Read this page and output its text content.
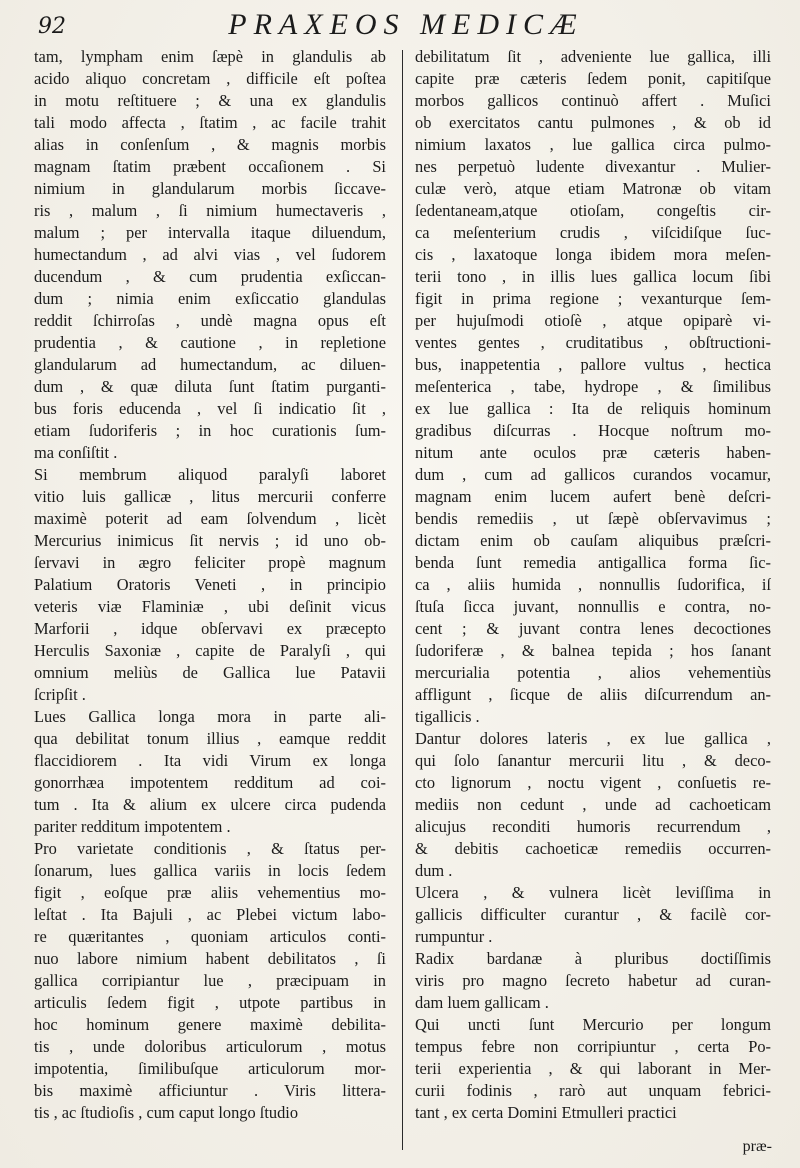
92	PRAXEOS MEDICÆ
tam, lympham enim ſæpè in glandulis ab
acido aliquo concretam , difficile eſt poſtea
in motu reſtituere ; & una ex glandulis
tali modo affecta , ſtatim , ac facile trahit
alias in conſenſum , & magnis morbis
magnam ſtatim præbent occaſionem . Si
nimium in glandularum morbis ſiccave-
ris , malum , ſi nimium humectaveris ,
malum ; per intervalla itaque diluendum,
humectandum , ad alvi vias , vel ſudorem
ducendum , & cum prudentia exſiccan-
dum ; nimia enim exſiccatio glandulas
reddit ſchirroſas , undè magna opus eſt
prudentia , & cautione , in repletione
glandularum ad humectandum, ac diluen-
dum , & quæ diluta ſunt ſtatim purganti-
bus foris educenda , vel ſi indicatio ſit ,
etiam ſudoriferis ; in hoc curationis ſum-
ma conſiſtit .
Si membrum aliquod paralyſi laboret
vitio luis gallicæ , litus mercurii conferre
maximè poterit ad eam ſolvendum , licèt
Mercurius inimicus ſit nervis ; id uno ob-
ſervavi in ægro feliciter propè magnum
Palatium Oratoris Veneti , in principio
veteris viæ Flaminiæ , ubi deſinit vicus
Marforii , idque obſervavi ex præcepto
Herculis Saxoniæ , capite de Paralyſi , qui
omnium meliùs de Gallica lue Patavii
ſcripſit .
Lues Gallica longa mora in parte ali-
qua debilitat tonum illius , eamque reddit
flaccidiorem . Ita vidi Virum ex longa
gonorrhæa impotentem redditum ad coi-
tum . Ita & alium ex ulcere circa pudenda
pariter redditum impotentem .
Pro varietate conditionis , & ſtatus per-
ſonarum, lues gallica variis in locis ſedem
figit , eoſque præ aliis vehementius mo-
leſtat . Ita Bajuli , ac Plebei victum labo-
re quæritantes , quoniam articulos conti-
nuo labore nimium habent debilitatos , ſi
gallica corripiantur lue , præcipuam in
articulis ſedem figit , utpote partibus in
hoc hominum genere maximè debilita-
tis , unde doloribus articulorum , motus
impotentia, ſimilibuſque articulorum mor-
bis maximè afficiuntur . Viris littera-
tis , ac ſtudioſis , cum caput longo ſtudio
debilitatum ſit , adveniente lue gallica, illi
capite præ cæteris ſedem ponit, capitiſque
morbos gallicos continuò affert . Muſici
ob exercitatos cantu pulmones , & ob id
nimium laxatos , lue gallica circa pulmo-
nes perpetuò ludente divexantur . Mulier-
culæ verò, atque etiam Matronæ ob vitam
ſedentaneam,atque otioſam, congeſtis cir-
ca meſenterium crudis , viſcidiſque ſuc-
cis , laxatoque longa ibidem mora meſen-
terii tono , in illis lues gallica locum ſibi
figit in prima regione ; vexanturque ſem-
per hujuſmodi otioſè , atque opiparè vi-
ventes gentes , cruditatibus , obſtructioni-
bus, inappetentia , pallore vultus , hectica
meſenterica , tabe, hydrope , & ſimilibus
ex lue gallica : Ita de reliquis hominum
gradibus diſcurras . Hocque noſtrum mo-
nitum ante oculos præ cæteris haben-
dum , cum ad gallicos curandos vocamur,
magnam enim lucem aufert benè deſcri-
bendis remediis , ut ſæpè obſervavimus ;
dictam enim ob cauſam aliquibus præſcri-
benda ſunt remedia antigallica forma ſic-
ca , aliis humida , nonnullis ſudorifica, iſ
ſtuſa ſicca juvant, nonnullis e contra, no-
cent ; & juvant contra lenes decoctiones
ſudoriferæ , & balnea tepida ; hos ſanant
mercurialia potentia , alios vehementiùs
affligunt , ſicque de aliis diſcurrendum an-
tigallicis .
Dantur dolores lateris , ex lue gallica ,
qui ſolo ſanantur mercurii litu , & deco-
cto lignorum , noctu vigent , conſuetis re-
mediis non cedunt , unde ad cachoeticam
alicujus reconditi humoris recurrendum ,
& debitis cachoeticæ remediis occurren-
dum .
Ulcera , & vulnera licèt leviſſima in
gallicis difficulter curantur , & facilè cor-
rumpuntur .
Radix bardanæ à pluribus doctiſſimis
viris pro magno ſecreto habetur ad curan-
dam luem gallicam .
Qui uncti ſunt Mercurio per longum
tempus febre non corripiuntur , certa Po-
terii experientia , & qui laborant in Mer-
curii fodinis , rarò aut unquam febrici-
tant , ex certa Domini Etmulleri practici
præ-
